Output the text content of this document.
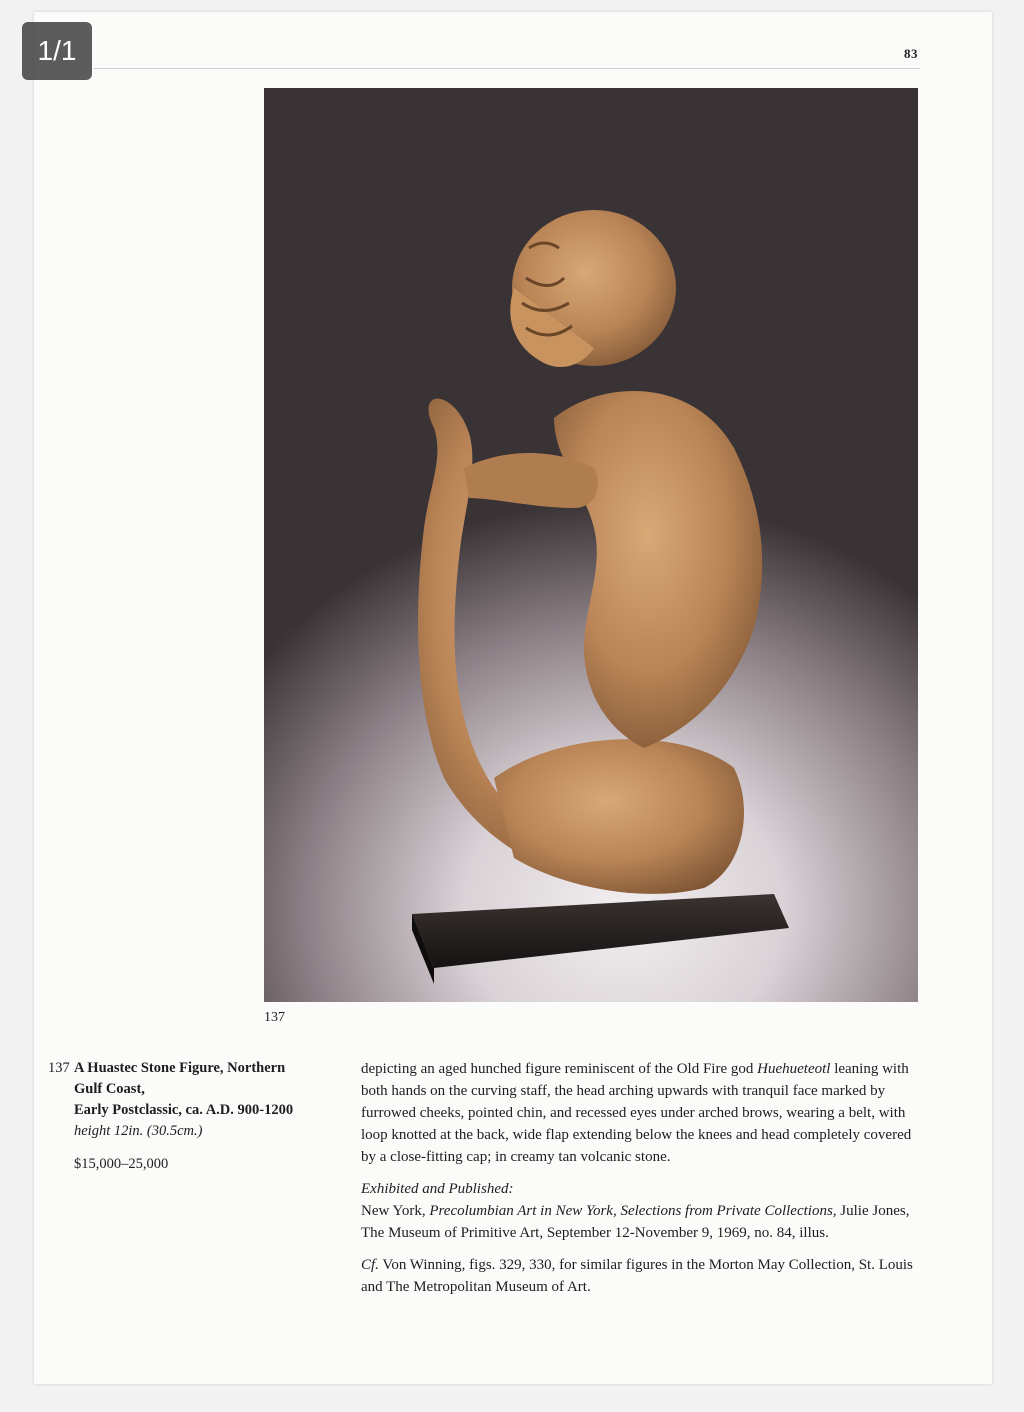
1/1	83
137
137 A Huastec Stone Figure, Northern
Gulf Coast,
Early Postclassic, ca. A.D. 900-1200
height 12in. (30.5cm.)
$15,000–25,000

depicting an aged hunched figure reminiscent of the Old Fire god Huehueteotl leaning with both hands on the curving staff, the head arching upwards with tranquil face marked by furrowed cheeks, pointed chin, and recessed eyes under arched brows, wearing a belt, with loop knotted at the back, wide flap extending below the knees and head completely covered by a close-fitting cap; in creamy tan volcanic stone.

Exhibited and Published:
New York, Precolumbian Art in New York, Selections from Private Collections, Julie Jones, The Museum of Primitive Art, September 12-November 9, 1969, no. 84, illus.

Cf. Von Winning, figs. 329, 330, for similar figures in the Morton May Collection, St. Louis and The Metropolitan Museum of Art.
